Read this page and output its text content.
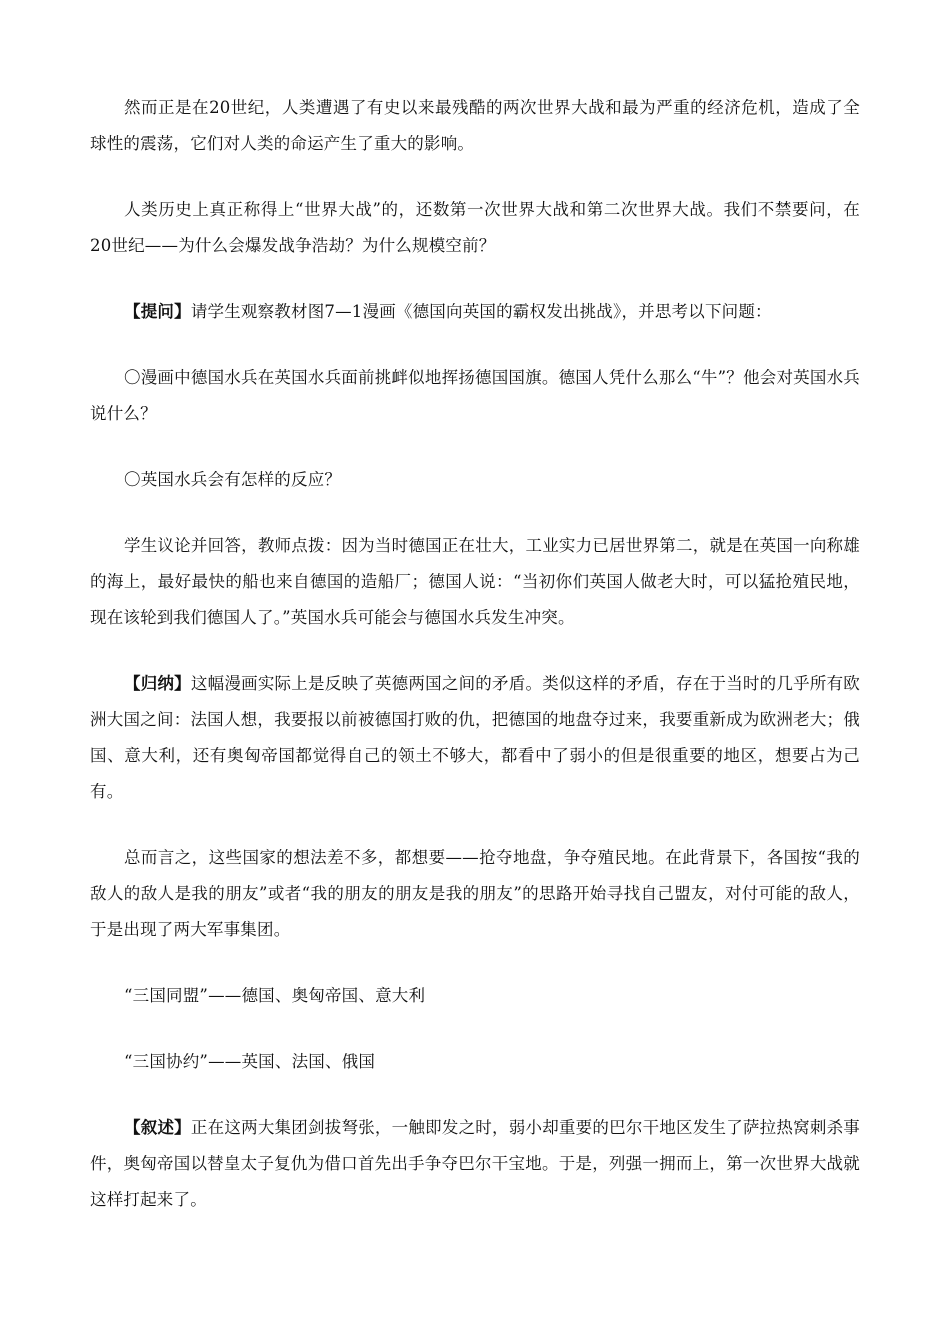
然而正是在20世纪，人类遭遇了有史以来最残酷的两次世界大战和最为严重的经济危机，造成了全球性的震荡，它们对人类的命运产生了重大的影响。

人类历史上真正称得上“世界大战”的，还数第一次世界大战和第二次世界大战。我们不禁要问，在20世纪——为什么会爆发战争浩劫？为什么规模空前？

【提问】请学生观察教材图7—1漫画《德国向英国的霸权发出挑战》，并思考以下问题：

〇漫画中德国水兵在英国水兵面前挑衅似地挥扬德国国旗。德国人凭什么那么“牛”？他会对英国水兵说什么？

〇英国水兵会有怎样的反应？

学生议论并回答，教师点拨：因为当时德国正在壮大，工业实力已居世界第二，就是在英国一向称雄的海上，最好最快的船也来自德国的造船厂；德国人说：“当初你们英国人做老大时，可以猛抢殖民地，现在该轮到我们德国人了。”英国水兵可能会与德国水兵发生冲突。

【归纳】这幅漫画实际上是反映了英德两国之间的矛盾。类似这样的矛盾，存在于当时的几乎所有欧洲大国之间：法国人想，我要报以前被德国打败的仇，把德国的地盘夺过来，我要重新成为欧洲老大；俄国、意大利，还有奥匈帝国都觉得自己的领土不够大，都看中了弱小的但是很重要的地区，想要占为己有。

总而言之，这些国家的想法差不多，都想要——抢夺地盘，争夺殖民地。在此背景下，各国按“我的敌人的敌人是我的朋友”或者“我的朋友的朋友是我的朋友”的思路开始寻找自己盟友，对付可能的敌人，于是出现了两大军事集团。

“三国同盟”——德国、奥匈帝国、意大利

“三国协约”——英国、法国、俄国

【叙述】正在这两大集团剑拔弩张，一触即发之时，弱小却重要的巴尔干地区发生了萨拉热窝刺杀事件，奥匈帝国以替皇太子复仇为借口首先出手争夺巴尔干宝地。于是，列强一拥而上，第一次世界大战就这样打起来了。
